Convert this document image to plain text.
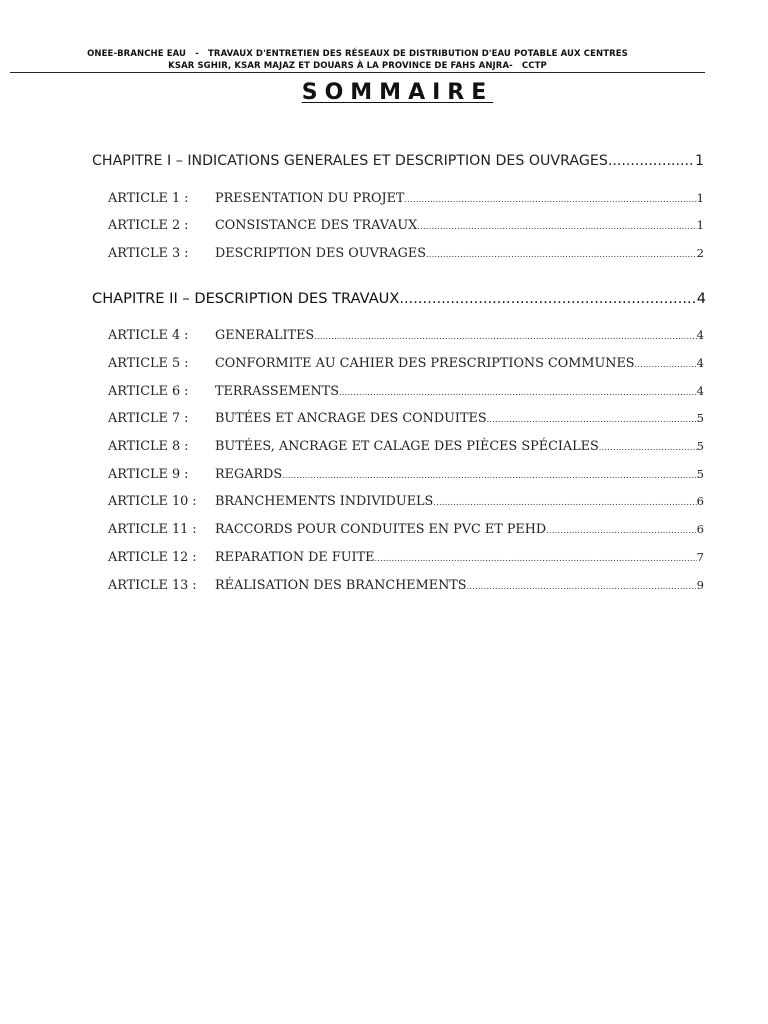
ONEE-BRANCHE EAU   -   TRAVAUX D'ENTRETIEN DES RÉSEAUX DE DISTRIBUTION D'EAU POTABLE AUX CENTRES
KSAR SGHIR, KSAR MAJAZ ET DOUARS À LA PROVINCE DE FAHS ANJRA-   CCTP
SOMMAIRE
CHAPITRE I – INDICATIONS GENERALES ET DESCRIPTION DES OUVRAGES .....	1
ARTICLE 1 :	PRESENTATION DU PROJET .....	1
ARTICLE 2 :	CONSISTANCE DES TRAVAUX .....	1
ARTICLE 3 :	DESCRIPTION DES OUVRAGES .....	2
CHAPITRE II – DESCRIPTION DES TRAVAUX .....	4
ARTICLE 4 :	GENERALITES .....	4
ARTICLE 5 :	CONFORMITE AU CAHIER DES PRESCRIPTIONS COMMUNES .....	4
ARTICLE 6 :	TERRASSEMENTS .....	4
ARTICLE 7 :	BUTÉES ET ANCRAGE DES CONDUITES .....	5
ARTICLE 8 :	BUTÉES, ANCRAGE ET CALAGE DES PIÈCES SPÉCIALES .....	5
ARTICLE 9 :	REGARDS .....	5
ARTICLE 10 :	BRANCHEMENTS INDIVIDUELS .....	6
ARTICLE 11 :	RACCORDS POUR CONDUITES EN PVC ET PEHD .....	6
ARTICLE 12 :	REPARATION DE FUITE .....	7
ARTICLE 13 :	RÉALISATION DES BRANCHEMENTS .....	9
